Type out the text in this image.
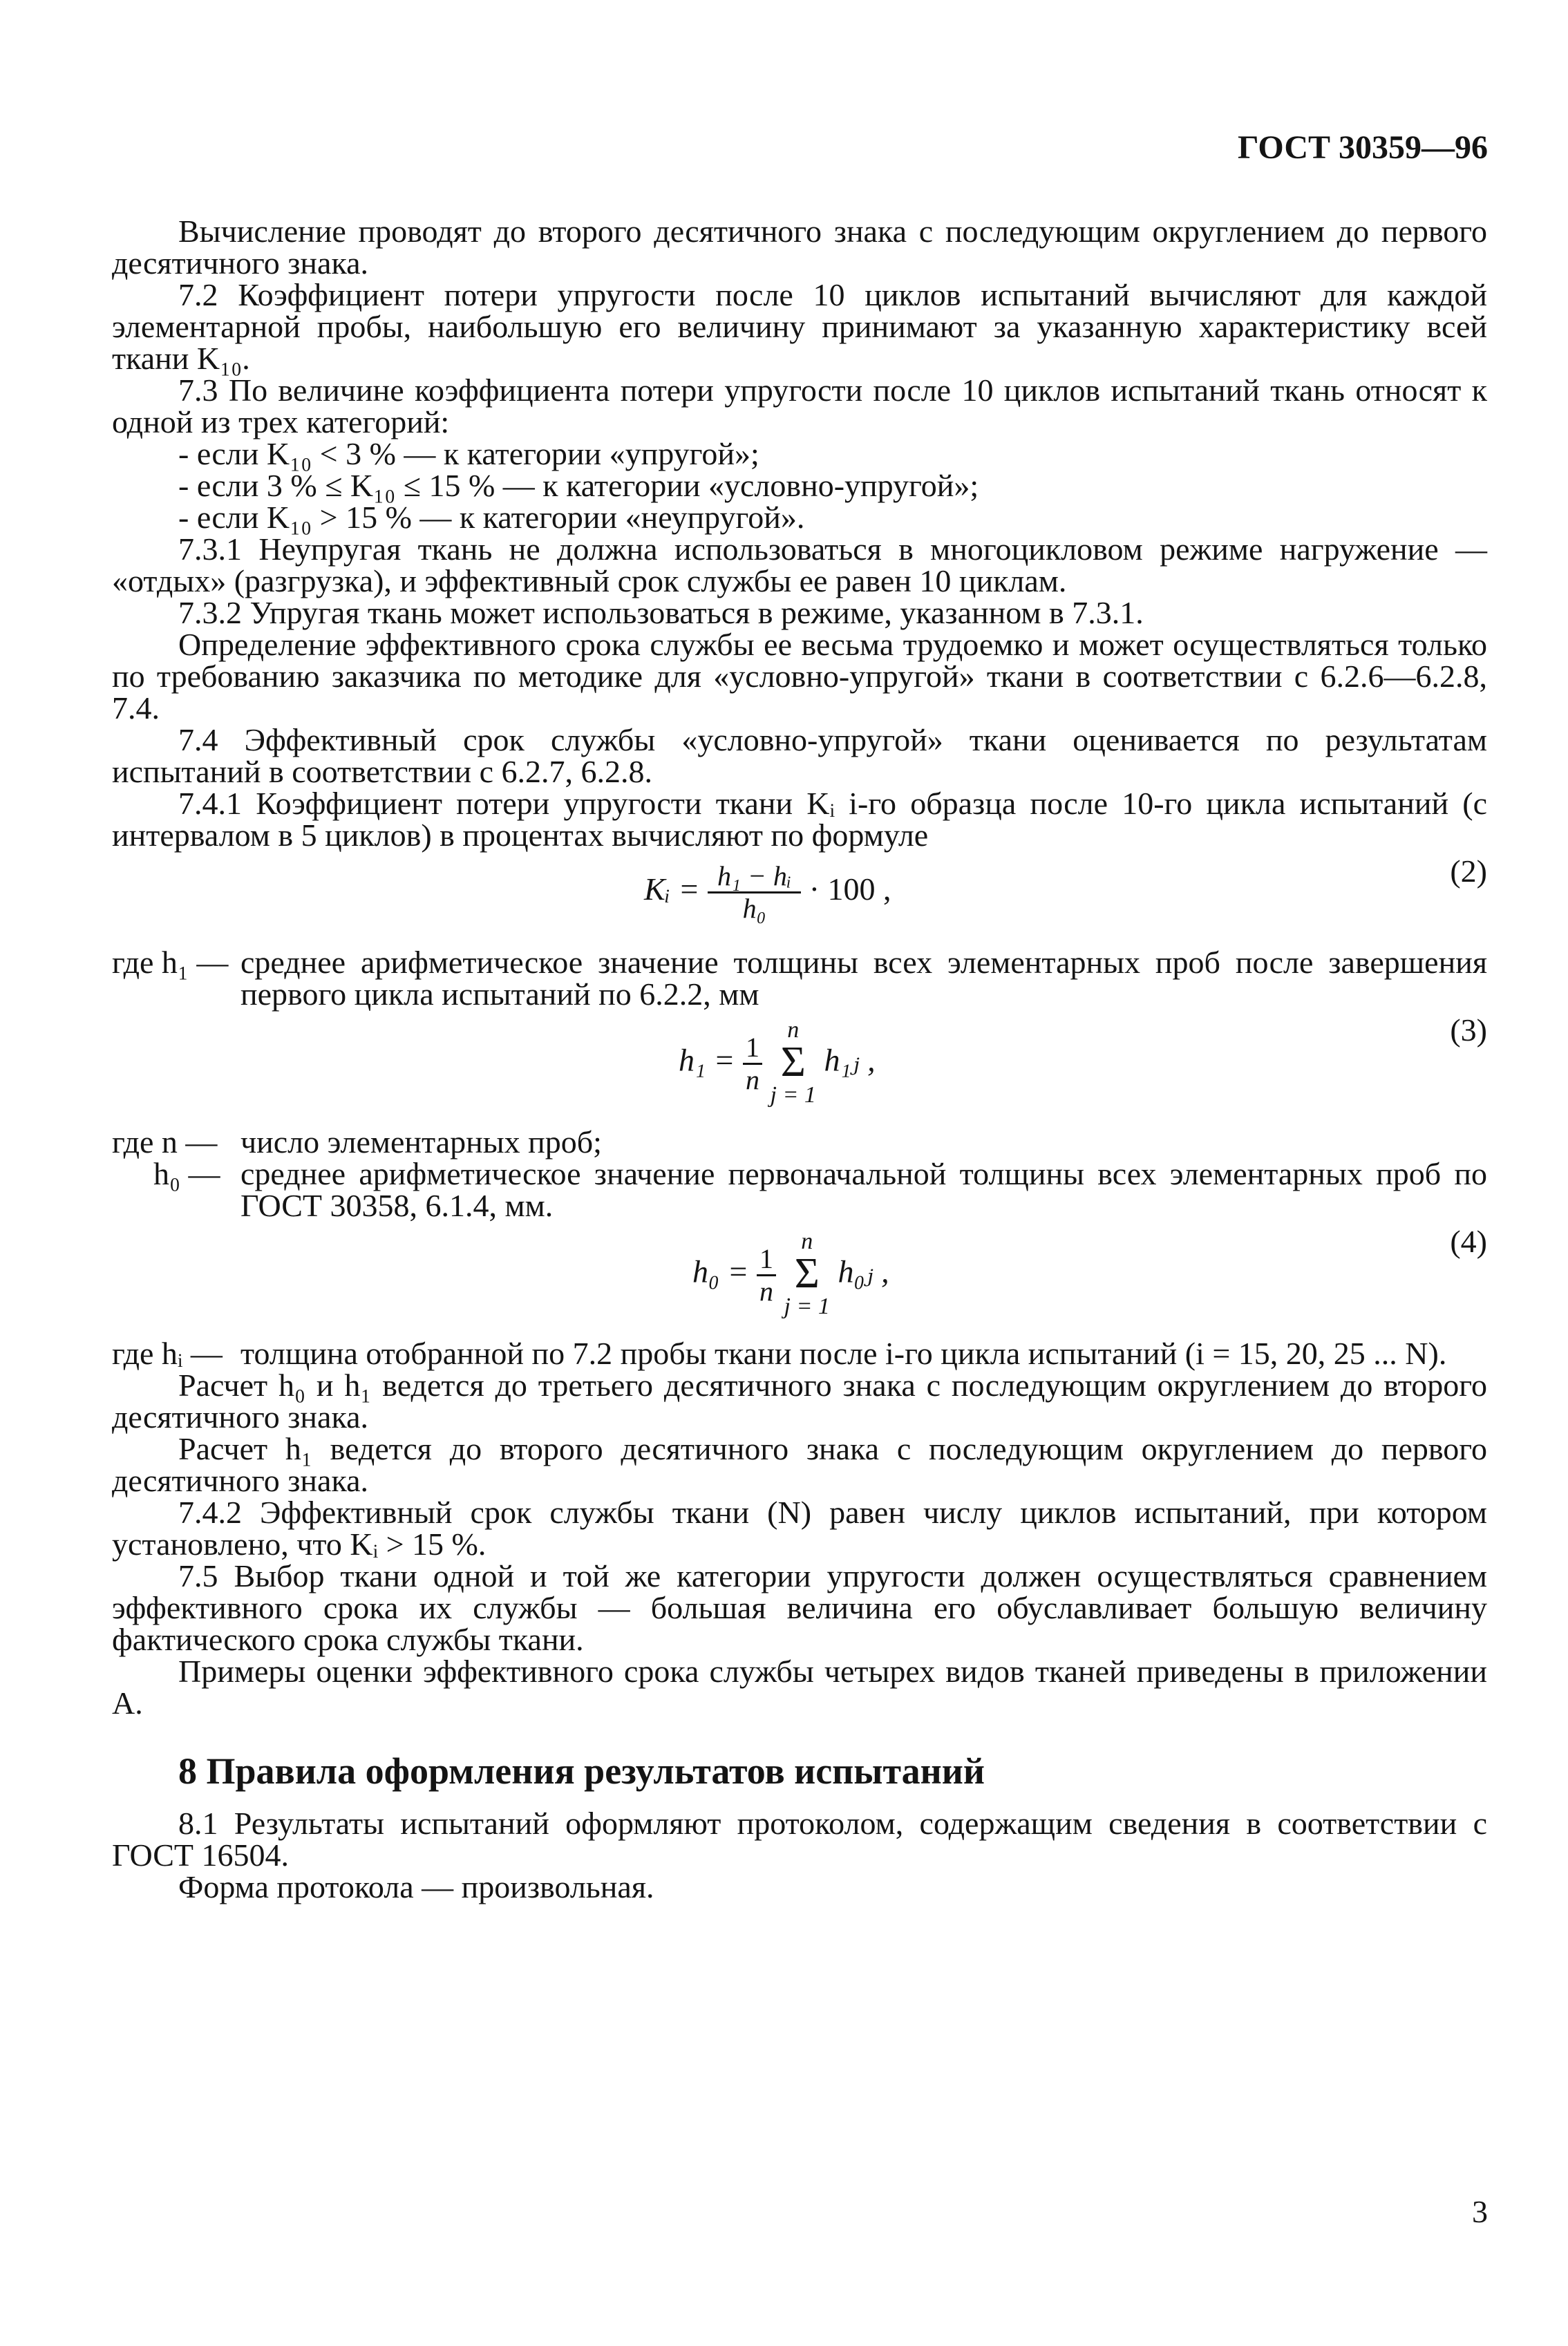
ГОСТ 30359—96

Вычисление проводят до второго десятичного знака с последующим округлением до первого десятичного знака.

7.2 Коэффициент потери упругости после 10 циклов испытаний вычисляют для каждой элементарной пробы, наибольшую его величину принимают за указанную характеристику всей ткани K₁₀.

7.3 По величине коэффициента потери упругости после 10 циклов испытаний ткань относят к одной из трех категорий:

- если K₁₀ < 3 % — к категории «упругой»;

- если 3 % ≤ K₁₀ ≤ 15 % — к категории «условно-упругой»;

- если K₁₀ > 15 % — к категории «неупругой».

7.3.1 Неупругая ткань не должна использоваться в многоцикловом режиме нагружение — «отдых» (разгрузка), и эффективный срок службы ее равен 10 циклам.

7.3.2 Упругая ткань может использоваться в режиме, указанном в 7.3.1.

Определение эффективного срока службы ее весьма трудоемко и может осуществляться только по требованию заказчика по методике для «условно-упругой» ткани в соответствии с 6.2.6—6.2.8, 7.4.

7.4 Эффективный срок службы «условно-упругой» ткани оценивается по результатам испытаний в соответствии с 6.2.7, 6.2.8.

7.4.1 Коэффициент потери упругости ткани Kᵢ i-го образца после 10-го цикла испытаний (с интервалом в 5 циклов) в процентах вычисляют по формуле

Kᵢ = $\frac{\text{h₁ − hᵢ}}{\text{h₀}} \cdot 100$ ,
(2)
где h₁ — среднее арифметическое значение толщины всех элементарных проб после завершения первого цикла испытаний по 6.2.2, мм
$h_1 = \frac{1}{n}$

n
Σ
j = 1
h₁ⱼ ,
(3)
где n — число элементарных проб;
h₀ — среднее арифметическое значение первоначальной толщины всех элементарных проб по ГОСТ 30358, 6.1.4, мм.
$h_0 = \frac{1}{n}$

n
Σ
j = 1
h₀ⱼ ,
(4)
где hᵢ — толщина отобранной по 7.2 пробы ткани после i-го цикла испытаний (i = 15, 20, 25 ... N).

Расчет h₀ и h₁ ведется до третьего десятичного знака с последующим округлением до второго десятичного знака.

Расчет h₁ ведется до второго десятичного знака с последующим округлением до первого десятичного знака.

7.4.2 Эффективный срок службы ткани (N) равен числу циклов испытаний, при котором установлено, что Kᵢ > 15 %.

7.5 Выбор ткани одной и той же категории упругости должен осуществляться сравнением эффективного срока их службы — большая величина его обуславливает большую величину фактического срока службы ткани.

Примеры оценки эффективного срока службы четырех видов тканей приведены в приложении А.

8 Правила оформления результатов испытаний

8.1 Результаты испытаний оформляют протоколом, содержащим сведения в соответствии с ГОСТ 16504.

Форма протокола — произвольная.

3
